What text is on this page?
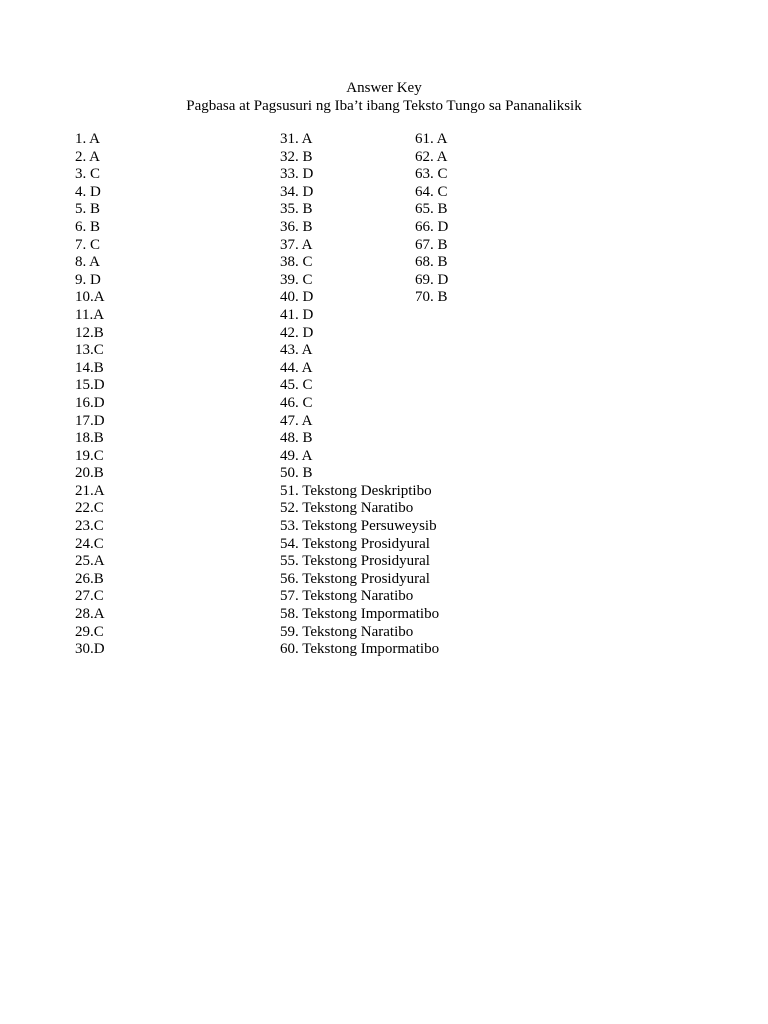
Answer Key
Pagbasa at Pagsusuri ng Iba’t ibang Teksto Tungo sa Pananaliksik
1. A
2. A
3. C
4. D
5. B
6. B
7. C
8. A
9. D
10.A
11.A
12.B
13.C
14.B
15.D
16.D
17.D
18.B
19.C
20.B
21.A
22.C
23.C
24.C
25.A
26.B
27.C
28.A
29.C
30.D
31. A
32. B
33. D
34. D
35. B
36. B
37. A
38. C
39. C
40. D
41. D
42. D
43. A
44. A
45. C
46. C
47. A
48. B
49. A
50. B
51. Tekstong Deskriptibo
52. Tekstong Naratibo
53. Tekstong Persuweysib
54. Tekstong Prosidyural
55. Tekstong Prosidyural
56. Tekstong Prosidyural
57. Tekstong Naratibo
58. Tekstong Impormatibo
59. Tekstong Naratibo
60. Tekstong Impormatibo
61. A
62. A
63. C
64. C
65. B
66. D
67. B
68. B
69. D
70. B
